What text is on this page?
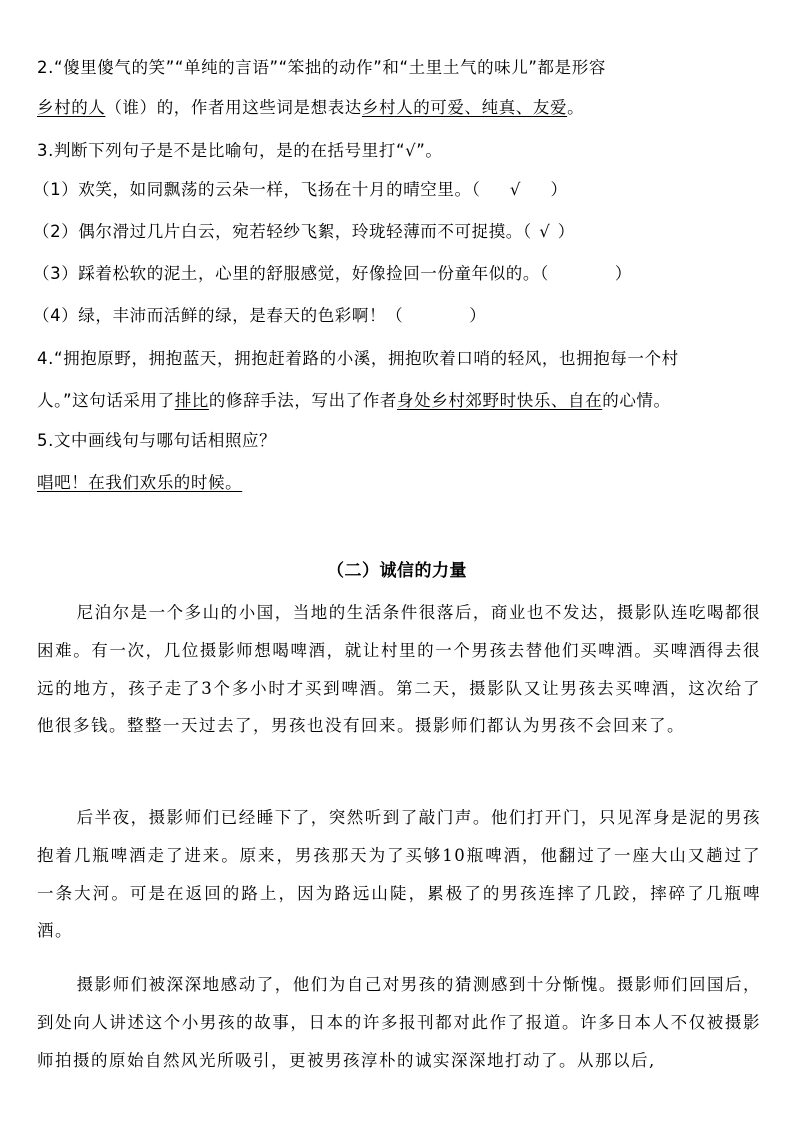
2.“傻里傻气的笑”“单纯的言语”“笨拙的动作”和“土里土气的味儿”都是形容
乡村的人（谁）的，作者用这些词是想表达乡村人的可爱、纯真、友爱。
3.判断下列句子是不是比喻句，是的在括号里打“√”。
（1）欢笑，如同飘荡的云朵一样，飞扬在十月的晴空里。（ √ ）
（2）偶尔滑过几片白云，宛若轻纱飞絮，玲珑轻薄而不可捉摸。（ √ ）
（3）踩着松软的泥土，心里的舒服感觉，好像捡回一份童年似的。（	）
（4）绿，丰沛而活鲜的绿，是春天的色彩啊！（	）
4.“拥抱原野，拥抱蓝天，拥抱赶着路的小溪，拥抱吹着口哨的轻风，也拥抱每一个村
人。”这句话采用了排比的修辞手法，写出了作者身处乡村郊野时快乐、自在的心情。
5.文中画线句与哪句话相照应？
唱吧！在我们欢乐的时候。
（二）诚信的力量

尼泊尔是一个多山的小国，当地的生活条件很落后，商业也不发达，摄影队连吃喝都很困难。有一次，几位摄影师想喝啤酒，就让村里的一个男孩去替他们买啤酒。买啤酒得去很远的地方，孩子走了3个多小时才买到啤酒。第二天，摄影队又让男孩去买啤酒，这次给了他很多钱。整整一天过去了，男孩也没有回来。摄影师们都认为男孩不会回来了。

后半夜，摄影师们已经睡下了，突然听到了敲门声。他们打开门，只见浑身是泥的男孩抱着几瓶啤酒走了进来。原来，男孩那天为了买够10瓶啤酒，他翻过了一座大山又趟过了一条大河。可是在返回的路上，因为路远山陡，累极了的男孩连摔了几跤，摔碎了几瓶啤酒。

摄影师们被深深地感动了，他们为自己对男孩的猜测感到十分惭愧。摄影师们回国后，到处向人讲述这个小男孩的故事，日本的许多报刊都对此作了报道。许多日本人不仅被摄影师拍摄的原始自然风光所吸引，更被男孩淳朴的诚实深深地打动了。从那以后,
